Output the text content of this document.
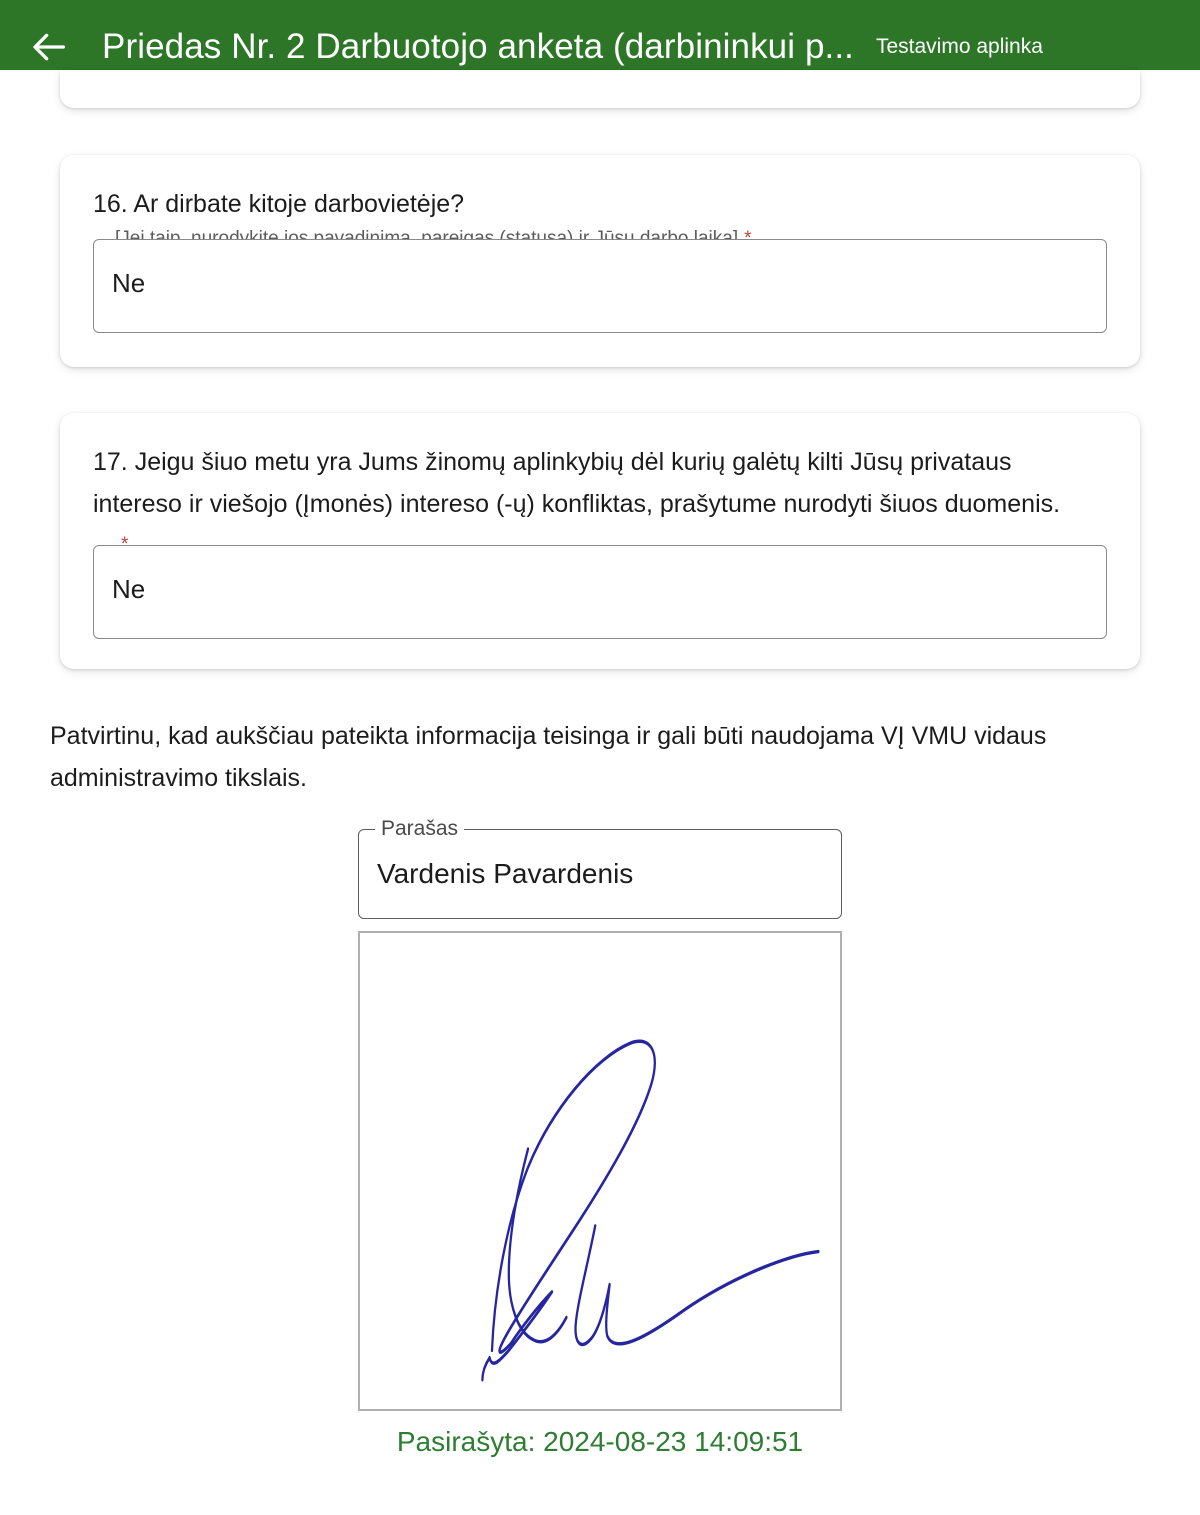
Priedas Nr. 2 Darbuotojo anketa (darbininkui p... Testavimo aplinka
16. Ar dirbate kitoje darbovietėje?
Ne
17. Jeigu šiuo metu yra Jums žinomų aplinkybių dėl kurių galėtų kilti Jūsų privataus intereso ir viešojo (Įmonės) intereso (-ų) konfliktas, prašytume nurodyti šiuos duomenis.
Ne
Patvirtinu, kad aukščiau pateikta informacija teisinga ir gali būti naudojama VĮ VMU vidaus administravimo tikslais.
Parašas
Vardenis Pavardenis
Pasirašyta: 2024-08-23 14:09:51
